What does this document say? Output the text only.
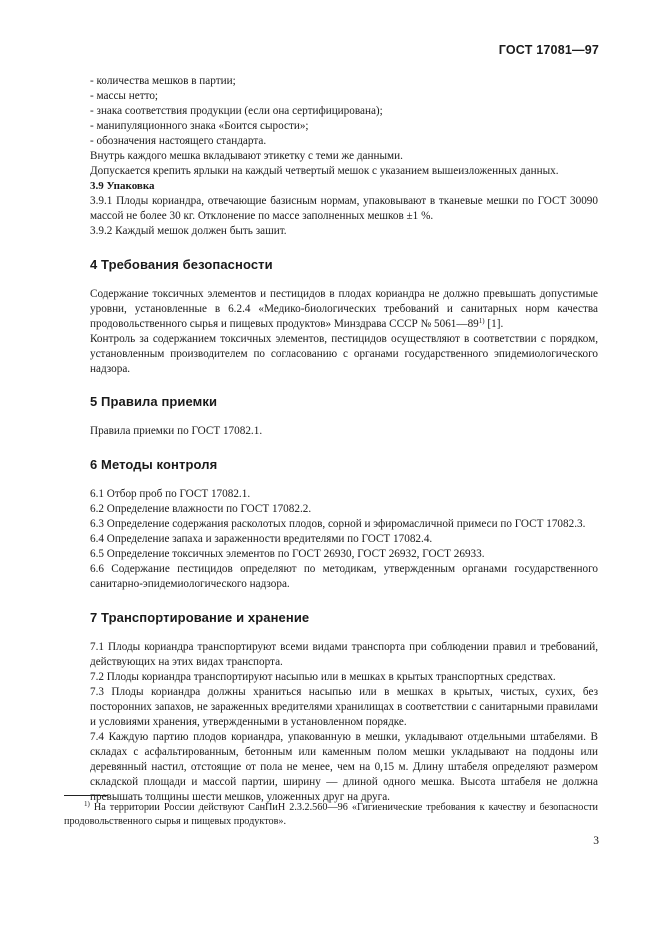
ГОСТ 17081—97

- количества мешков в партии;

- массы нетто;

- знака соответствия продукции (если она сертифицирована);

- манипуляционного знака «Боится сырости»;

- обозначения настоящего стандарта.

Внутрь каждого мешка вкладывают этикетку с теми же данными.

Допускается крепить ярлыки на каждый четвертый мешок с указанием вышеизложенных данных.

3.9 Упаковка

3.9.1 Плоды кориандра, отвечающие базисным нормам, упаковывают в тканевые мешки по ГОСТ 30090 массой не более 30 кг. Отклонение по массе заполненных мешков ±1 %.

3.9.2 Каждый мешок должен быть зашит.

4 Требования безопасности

Содержание токсичных элементов и пестицидов в плодах кориандра не должно превышать допустимые уровни, установленные в 6.2.4 «Медико-биологических требований и санитарных норм качества продовольственного сырья и пищевых продуктов» Минздрава СССР № 5061—89$^{1)}$ [1].

Контроль за содержанием токсичных элементов, пестицидов осуществляют в соответствии с порядком, установленным производителем по согласованию с органами государственного эпидемиологического надзора.

5 Правила приемки

Правила приемки по ГОСТ 17082.1.

6 Методы контроля

6.1 Отбор проб по ГОСТ 17082.1.

6.2 Определение влажности по ГОСТ 17082.2.

6.3 Определение содержания расколотых плодов, сорной и эфиромасличной примеси по ГОСТ 17082.3.

6.4 Определение запаха и зараженности вредителями по ГОСТ 17082.4.

6.5 Определение токсичных элементов по ГОСТ 26930, ГОСТ 26932, ГОСТ 26933.

6.6 Содержание пестицидов определяют по методикам, утвержденным органами государственного санитарно-эпидемиологического надзора.

7 Транспортирование и хранение

7.1 Плоды кориандра транспортируют всеми видами транспорта при соблюдении правил и требований, действующих на этих видах транспорта.

7.2 Плоды кориандра транспортируют насыпью или в мешках в крытых транспортных средствах.

7.3 Плоды кориандра должны храниться насыпью или в мешках в крытых, чистых, сухих, без посторонних запахов, не зараженных вредителями хранилищах в соответствии с санитарными правилами и условиями хранения, утвержденными в установленном порядке.

7.4 Каждую партию плодов кориандра, упакованную в мешки, укладывают отдельными штабелями. В складах с асфальтированным, бетонным или каменным полом мешки укладывают на поддоны или деревянный настил, отстоящие от пола не менее, чем на 0,15 м. Длину штабеля определяют размером складской площади и массой партии, ширину — длиной одного мешка. Высота штабеля не должна превышать толщины шести мешков, уложенных друг на друга.

$^{1)}$ На территории России действуют СанПиН 2.3.2.560—96 «Гигиенические требования к качеству и безопасности продовольственного сырья и пищевых продуктов».

3
